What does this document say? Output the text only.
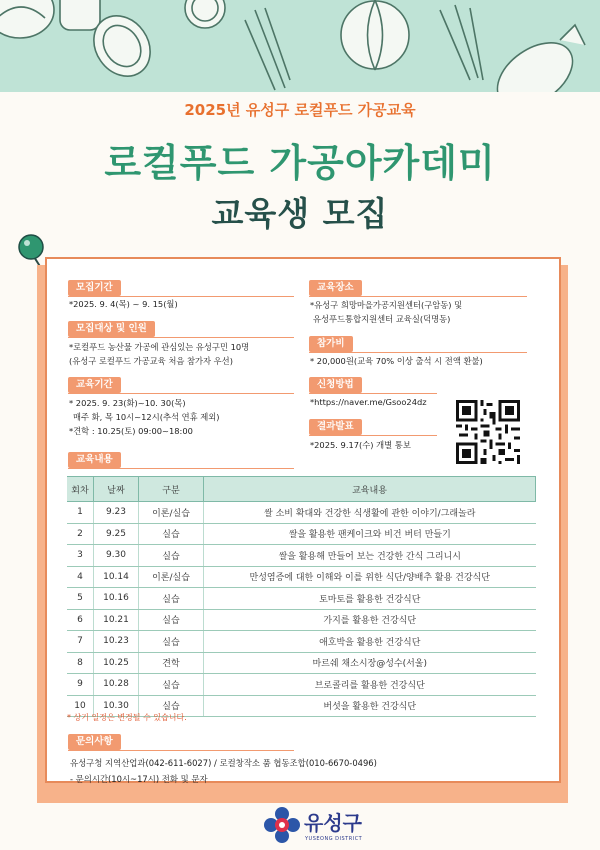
2025년 유성구 로컬푸드 가공교육
로컬푸드 가공아카데미
교육생 모집
모집기간
*2025. 9. 4(목) ~ 9. 15(월)
모집대상 및 인원
*로컬푸드 농산물 가공에 관심있는 유성구민 10명
(유성구 로컬푸드 가공교육 처음 참가자 우선)
교육기간
* 2025. 9. 23(화)~10. 30(목)
매주 화, 목 10시~12시(추석 연휴 제외)
*견학 : 10.25(토) 09:00~18:00
교육내용
교육장소
*유성구 희망마을가공지원센터(구암동) 및
유성푸드통합지원센터 교육실(덕명동)
참가비
* 20,000원(교육 70% 이상 출석 시 전액 환불)
신청방법
*https://naver.me/Gsoo24dz
결과발표
*2025. 9.17(수) 개별 통보
회차	날짜	구분	교육내용
1	9.23	이론/실습	쌀 소비 확대와 건강한 식생활에 관한 이야기/그래놀라
2	9.25	실습	쌀을 활용한 팬케이크와 비건 버터 만들기
3	9.30	실습	쌀을 활용해 만들어 보는 건강한 간식 그리니시
4	10.14	이론/실습	만성염증에 대한 이해와 이를 위한 식단/양배추 활용 건강식단
5	10.16	실습	토마토를 활용한 건강식단
6	10.21	실습	가지를 활용한 건강식단
7	10.23	실습	애호박을 활용한 건강식단
8	10.25	견학	마르쉐 채소시장@성수(서울)
9	10.28	실습	브로콜리를 활용한 건강식단
10	10.30	실습	버섯을 활용한 건강식단
* 상기 일정은 변경될 수 있습니다.
문의사항
유성구청 지역산업과(042-611-6027) / 로컬창작소 품 협동조합(010-6670-0496)
- 문의시간(10시~17시) 전화 및 문자
유성구
YUSEONG DISTRICT
